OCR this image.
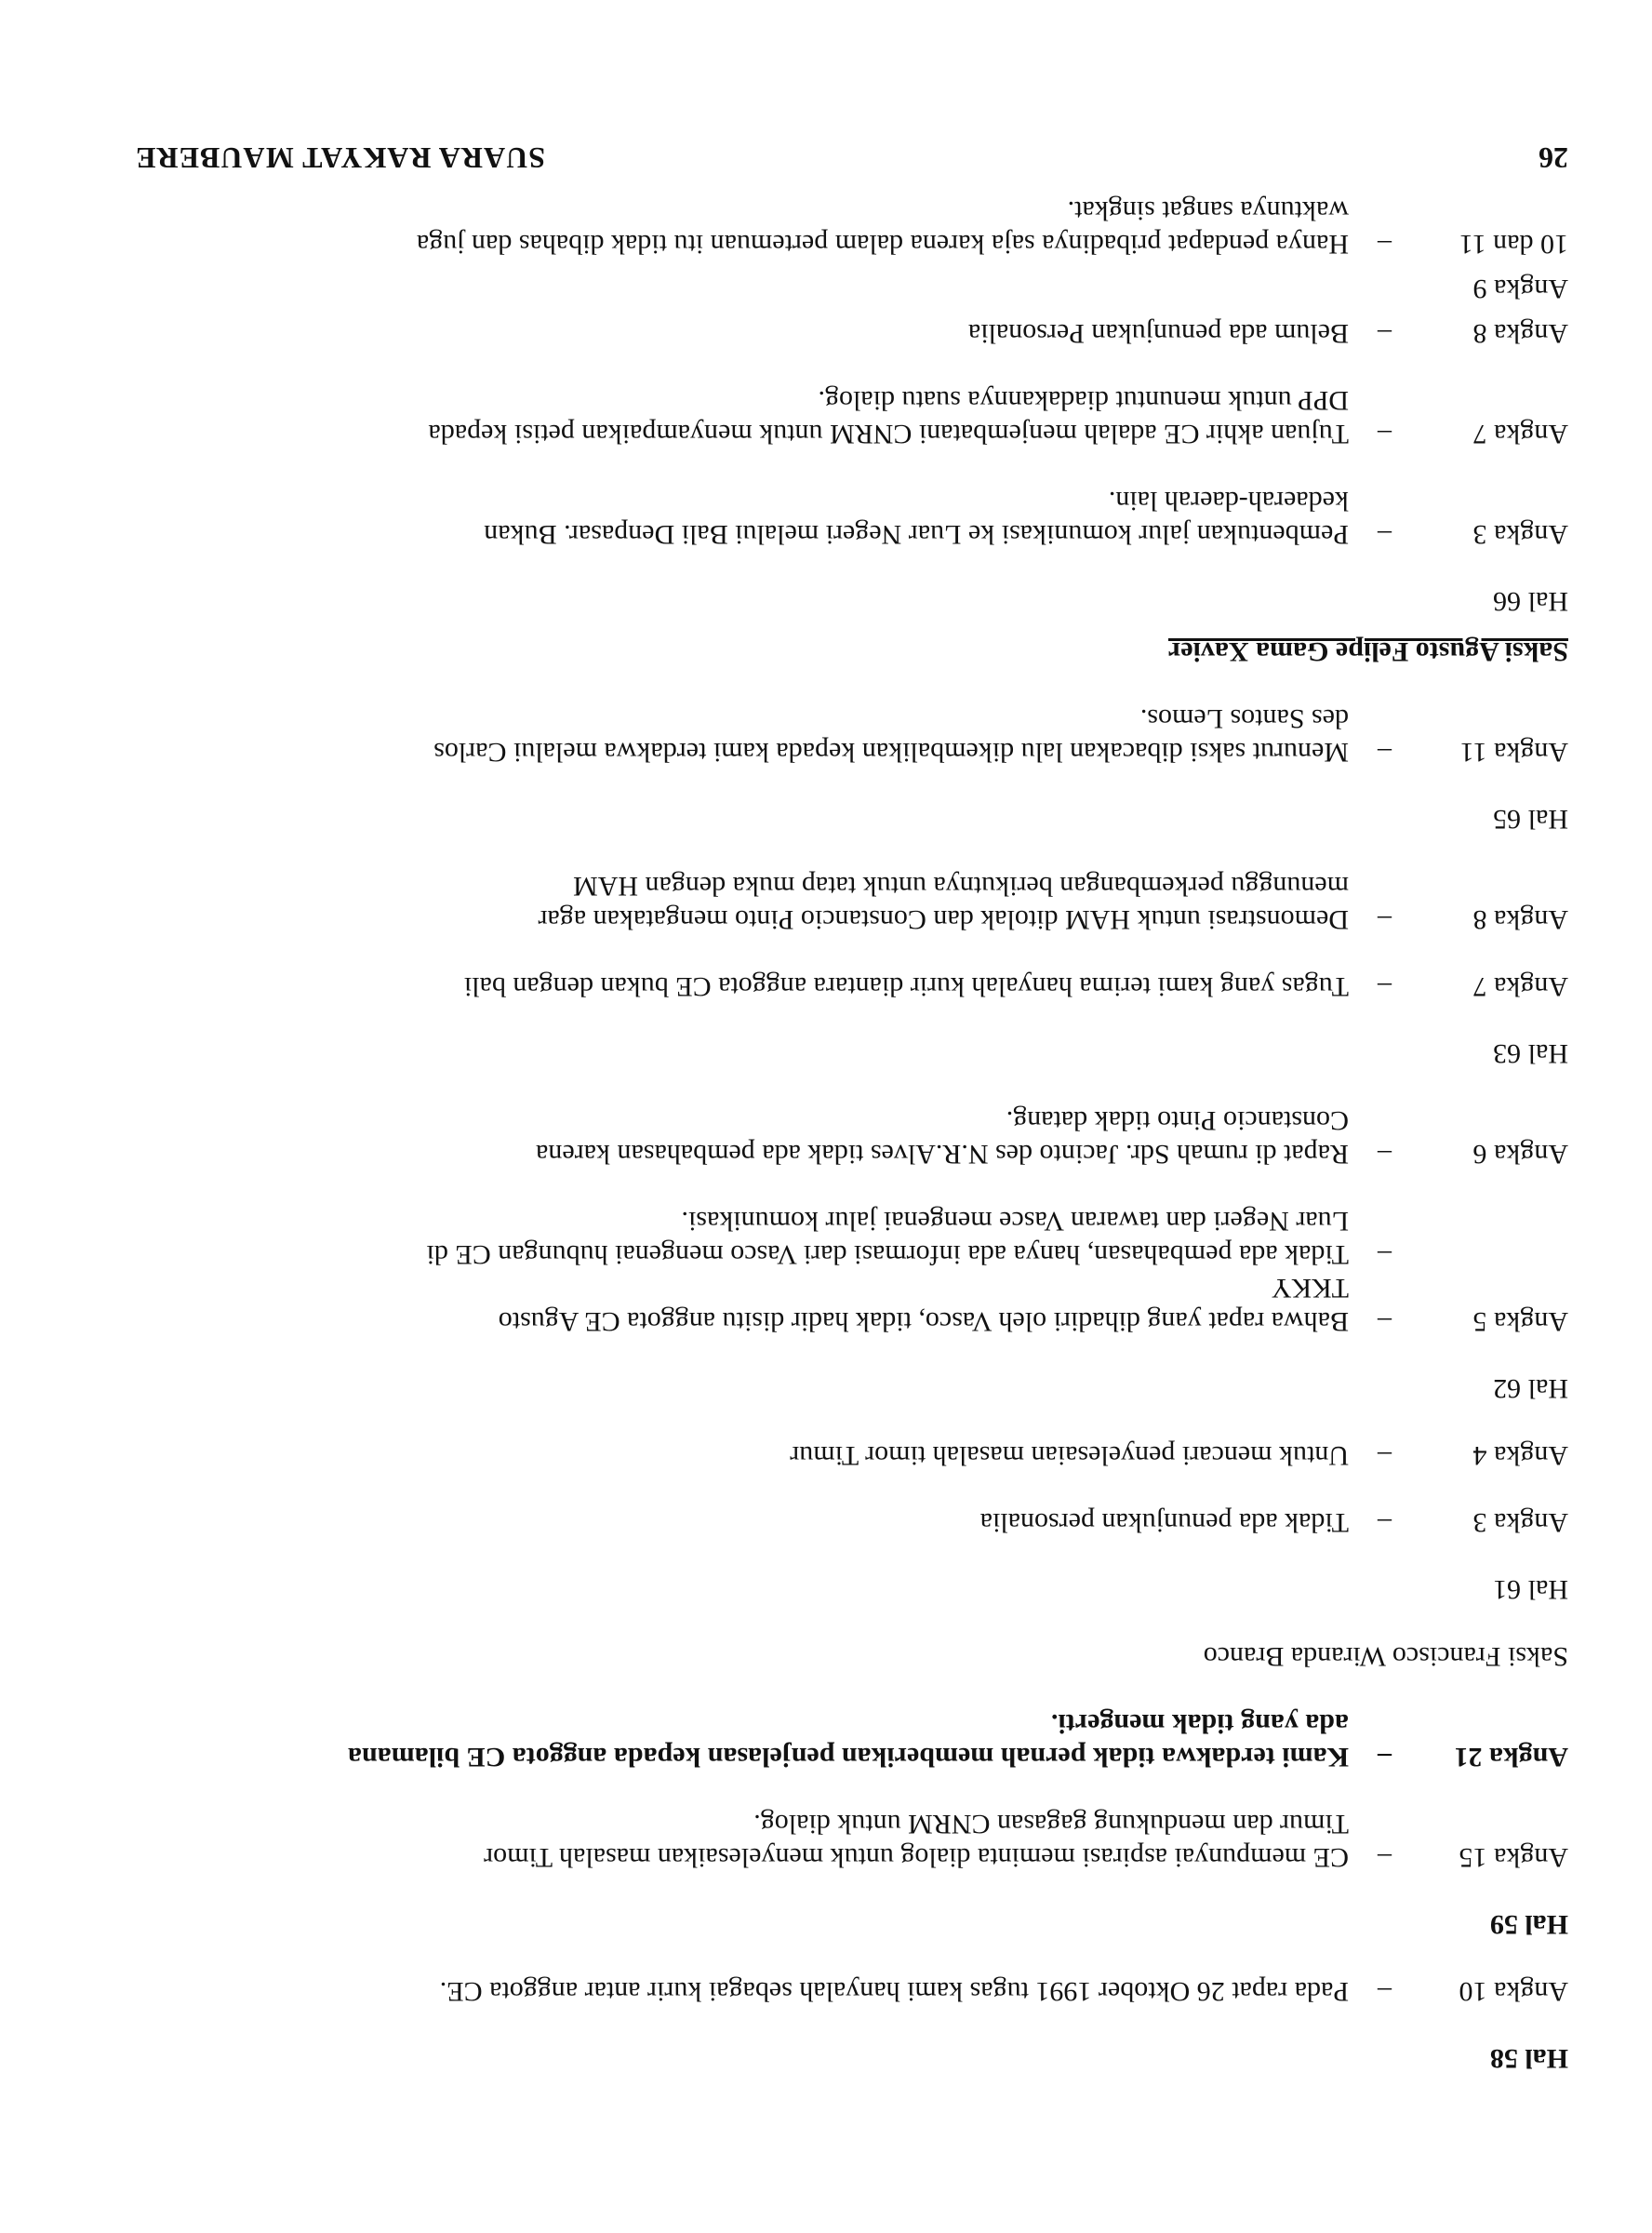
26
SUARA RAKYAT MAUBERE
Hal 58
Angka 10
–
Pada rapat 26 Oktober 1991 tugas kami hanyalah sebagai kurir antar anggota CE.
Hal 59
Angka 15
–
CE mempunyai aspirasi meminta dialog untuk menyelesaikan masalah Timor
Timur dan mendukung gagasan CNRM untuk dialog.
Angka 21
–
Kami terdakwa tidak pernah memberikan penjelasan kepada anggota CE bilamana
ada yang tidak mengerti.
Saksi Francisco Wiranda Branco
Hal 61
Angka 3
–
Tidak ada penunjukan personalia
Angka 4
–
Untuk mencari penyelesaian masalah timor Timur
Hal 62
Angka 5
–
Bahwa rapat yang dihadiri oleh Vasco, tidak hadir disitu anggota CE Agusto
TKKY
–
Tidak ada pembahasan, hanya ada informasi dari Vasco mengenai hubungan CE di
Luar Negeri dan tawaran Vasce mengenai jalur komunikasi.
Angka 6
–
Rapat di rumah Sdr. Jacinto des N.R.Alves tidak ada pembahasan karena
Constancio Pinto tidak datang.
Hal 63
Angka 7
–
Tugas yang kami terima hanyalah kurir diantara anggota CE bukan dengan bali
Angka 8
–
Demonstrasi untuk HAM ditolak dan Constancio Pinto mengatakan agar
menunggu perkembangan berikutnya untuk tatap muka dengan HAM
Hal 65
Angka 11
–
Menurut saksi dibacakan lalu dikembalikan kepada kami terdakwa melalui Carlos
des Santos Lemos.
Saksi Agusto Felipe Gama Xavier
Hal 66
Angka 3
–
Pembentukan jalur komunikasi ke Luar Negeri melalui Bali Denpasar. Bukan
kedaerah-daerah lain.
Angka 7
–
Tujuan akhir CE adalah menjembatani CNRM untuk menyampaikan petisi kepada
DPP untuk menuntut diadakannya suatu dialog.
Angka 8
–
Belum ada penunjukan Personalia
Angka 9
10 dan 11
–
Hanya pendapat pribadinya saja karena dalam pertemuan itu tidak dibahas dan juga
waktunya sangat singkat.
